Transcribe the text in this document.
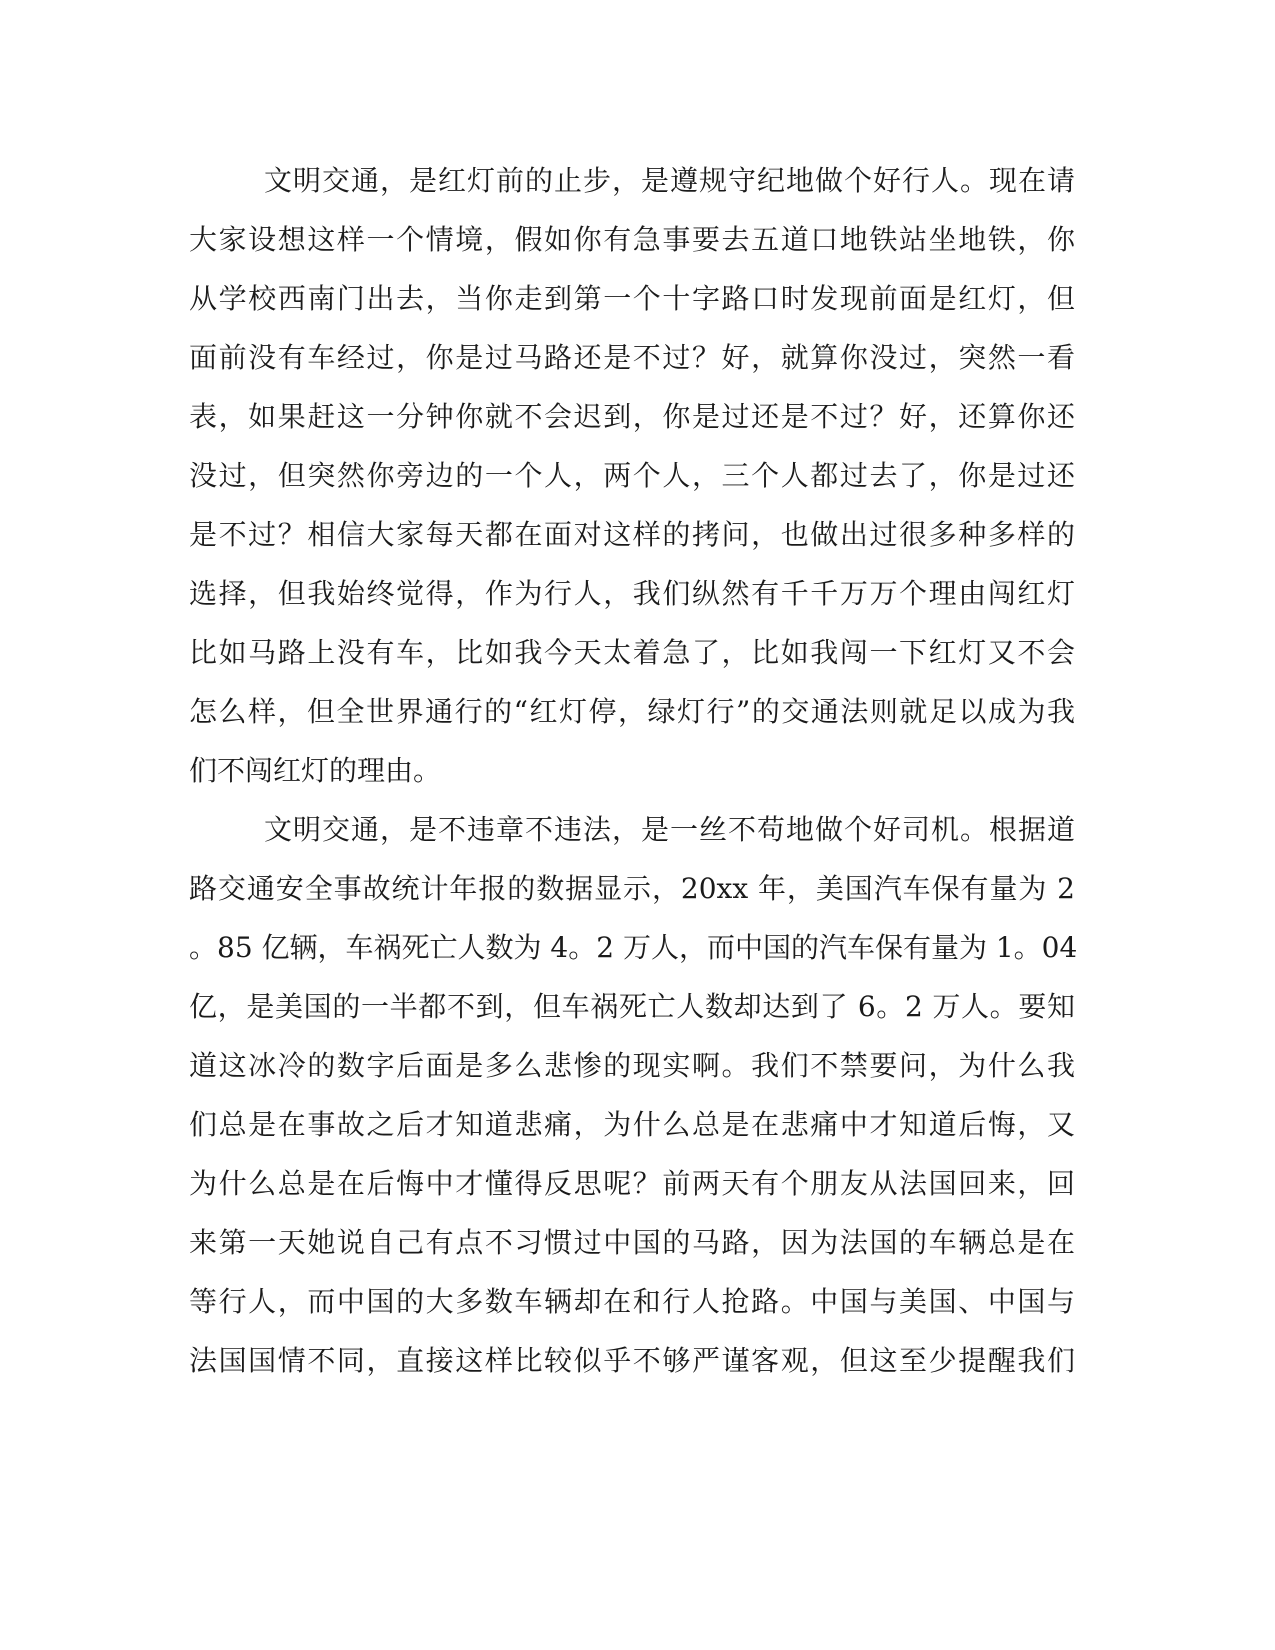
文明交通，是红灯前的止步，是遵规守纪地做个好行人。现在请
大家设想这样一个情境，假如你有急事要去五道口地铁站坐地铁，你
从学校西南门出去，当你走到第一个十字路口时发现前面是红灯，但
面前没有车经过，你是过马路还是不过？好，就算你没过，突然一看
表，如果赶这一分钟你就不会迟到，你是过还是不过？好，还算你还
没过，但突然你旁边的一个人，两个人，三个人都过去了，你是过还
是不过？相信大家每天都在面对这样的拷问，也做出过很多种多样的
选择，但我始终觉得，作为行人，我们纵然有千千万万个理由闯红灯
比如马路上没有车，比如我今天太着急了，比如我闯一下红灯又不会
怎么样，但全世界通行的“红灯停，绿灯行”的交通法则就足以成为我
们不闯红灯的理由。
文明交通，是不违章不违法，是一丝不苟地做个好司机。根据道
路交通安全事故统计年报的数据显示，20xx 年，美国汽车保有量为 2
。85 亿辆，车祸死亡人数为 4。2 万人，而中国的汽车保有量为 1。04
亿，是美国的一半都不到，但车祸死亡人数却达到了 6。2 万人。要知
道这冰冷的数字后面是多么悲惨的现实啊。我们不禁要问，为什么我
们总是在事故之后才知道悲痛，为什么总是在悲痛中才知道后悔，又
为什么总是在后悔中才懂得反思呢？前两天有个朋友从法国回来，回
来第一天她说自己有点不习惯过中国的马路，因为法国的车辆总是在
等行人，而中国的大多数车辆却在和行人抢路。中国与美国、中国与
法国国情不同，直接这样比较似乎不够严谨客观，但这至少提醒我们
